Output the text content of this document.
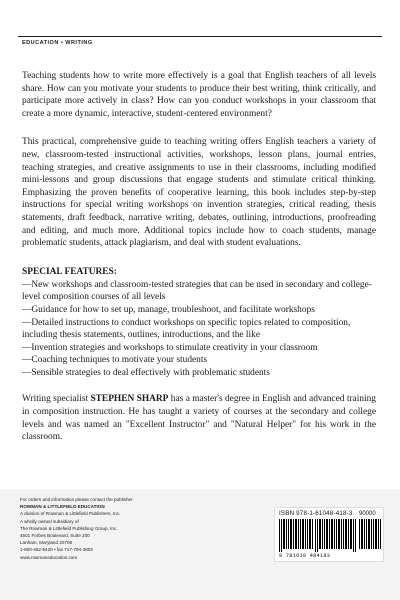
EDUCATION • WRITING

Teaching students how to write more effectively is a goal that English teachers of all levels share. How can you motivate your students to produce their best writing, think critically, and participate more actively in class? How can you conduct workshops in your classroom that create a more dynamic, interactive, student-centered environment?

This practical, comprehensive guide to teaching writing offers English teachers a variety of new, classroom-tested instructional activities, workshops, lesson plans, journal entries, teaching strategies, and creative assignments to use in their classrooms, including modified mini-lessons and group discussions that engage students and stimulate critical thinking. Emphasizing the proven benefits of cooperative learning, this book includes step-by-step instructions for special writing workshops on invention strategies, critical reading, thesis statements, draft feedback, narrative writing, debates, outlining, introductions, proofreading and editing, and much more. Additional topics include how to coach students, manage problematic students, attack plagiarism, and deal with student evaluations.

SPECIAL FEATURES:

—New workshops and classroom-tested strategies that can be used in secondary and college-level composition courses of all levels

—Guidance for how to set up, manage, troubleshoot, and facilitate workshops

—Detailed instructions to conduct workshops on specific topics related to composition, including thesis statements, outlines, introductions, and the like

—Invention strategies and workshops to stimulate creativity in your classroom

—Coaching techniques to motivate your students

—Sensible strategies to deal effectively with problematic students

Writing specialist STEPHEN SHARP has a master's degree in English and advanced training in composition instruction. He has taught a variety of courses at the secondary and college levels and was named an "Excellent Instructor" and "Natural Helper" for his work in the classroom.

For orders and information please contact the publisher
ROWMAN & LITTLEFIELD EDUCATION
A division of Rowman & Littlefield Publishers, Inc.
A wholly owned subsidiary of
The Rowman & Littlefield Publishing Group, Inc.
4501 Forbes Boulevard, Suite 200
Lanham, Maryland 20706
1-800-462-6420 • fax 717-794-3803
www.rowmaneducation.com
ISBN 978-1-61048-418-3 90000
9 781610 484183
